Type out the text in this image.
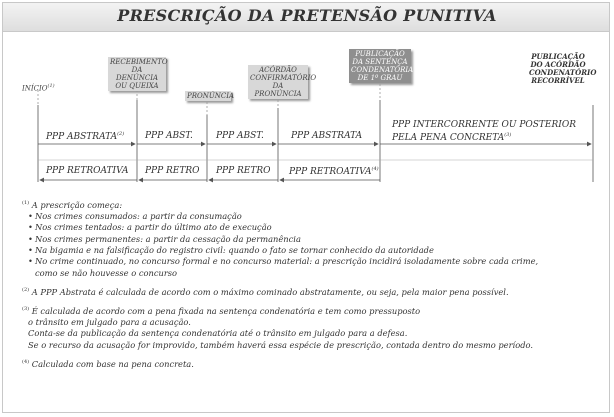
PRESCRIÇÃO DA PRETENSÃO PUNITIVA
INÍCIO$^{(1)}$
RECEBIMENTO DA DENÚNCIA OU QUEIXA
PRONÚNCIA
ACÓRDÃO CONFIRMATÓRIO DA PRONÚNCIA
PUBLICAÇÃO DA SENTENÇA CONDENATÓRIA DE 1º GRAU
PUBLICAÇÃO DO ACÓRDÃO CONDENATÓRIO RECORRÍVEL
PPP ABSTRATA$^{(2)}$ PPP ABST.	PPP ABST.	PPP ABSTRATA
PPP INTERCORRENTE OU POSTERIOR PELA PENA CONCRETA$^{(3)}$
PPP RETROATIVA PPP RETRO PPP RETRO PPP RETROATIVA$^{(4)}$

$^{(1)}$ A prescrição começa:

• Nos crimes consumados: a partir da consumação

• Nos crimes tentados: a partir do último ato de execução

• Nos crimes permanentes: a partir da cessação da permanência

• Na bigamia e na falsificação do registro civil: quando o fato se tornar conhecido da autoridade

• No crime continuado, no concurso formal e no concurso material: a prescrição incidirá isoladamente sobre cada crime,

como se não houvesse o concurso

$^{(2)}$ A PPP Abstrata é calculada de acordo com o máximo cominado abstratamente, ou seja, pela maior pena possível.

$^{(3)}$ É calculada de acordo com a pena fixada na sentença condenatória e tem como pressuposto

o trânsito em julgado para a acusação.

Conta-se da publicação da sentença condenatória até o trânsito em julgado para a defesa.

Se o recurso da acusação for improvido, também haverá essa espécie de prescrição, contada dentro do mesmo período.

$^{(4)}$ Calculada com base na pena concreta.
